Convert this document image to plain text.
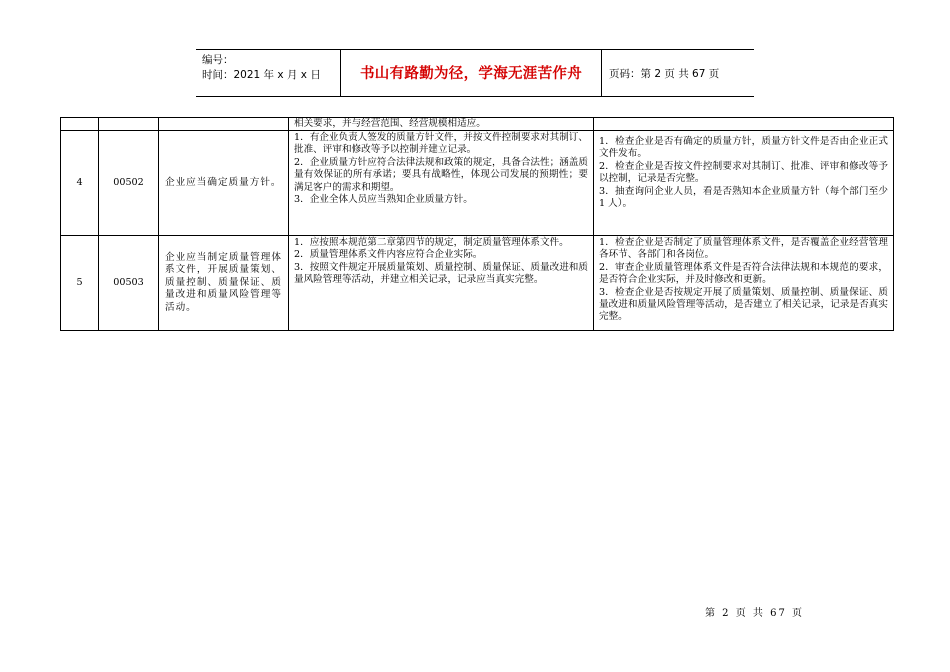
编号：
时间：2021 年 x 月 x 日	书山有路勤为径，学海无涯苦作舟	页码：第 2 页 共 67 页

			相关要求，并与经营范围、经营规模相适应。	

4	00502	企业应当确定质量方针。	1．有企业负责人签发的质量方针文件，并按文件控制要求对其制订、批准、评审和修改等予以控制并建立记录。
2．企业质量方针应符合法律法规和政策的规定，具备合法性；涵盖质量有效保证的所有承诺；要具有战略性，体现公司发展的预期性；要满足客户的需求和期望。
3．企业全体人员应当熟知企业质量方针。	1．检查企业是否有确定的质量方针，质量方针文件是否由企业正式文件发布。
2．检查企业是否按文件控制要求对其制订、批准、评审和修改等予以控制，记录是否完整。
3．抽查询问企业人员，看是否熟知本企业质量方针（每个部门至少 1 人）。

5	00503	企业应当制定质量管理体系文件，开展质量策划、质量控制、质量保证、质量改进和质量风险管理等活动。	1．应按照本规范第二章第四节的规定，制定质量管理体系文件。
2．质量管理体系文件内容应符合企业实际。
3．按照文件规定开展质量策划、质量控制、质量保证、质量改进和质量风险管理等活动，并建立相关记录，记录应当真实完整。	1．检查企业是否制定了质量管理体系文件，是否覆盖企业经营管理各环节、各部门和各岗位。
2．审查企业质量管理体系文件是否符合法律法规和本规范的要求，是否符合企业实际，并及时修改和更新。
3．检查企业是否按规定开展了质量策划、质量控制、质量保证、质量改进和质量风险管理等活动，是否建立了相关记录，记录是否真实完整。
第 2 页 共 67 页
